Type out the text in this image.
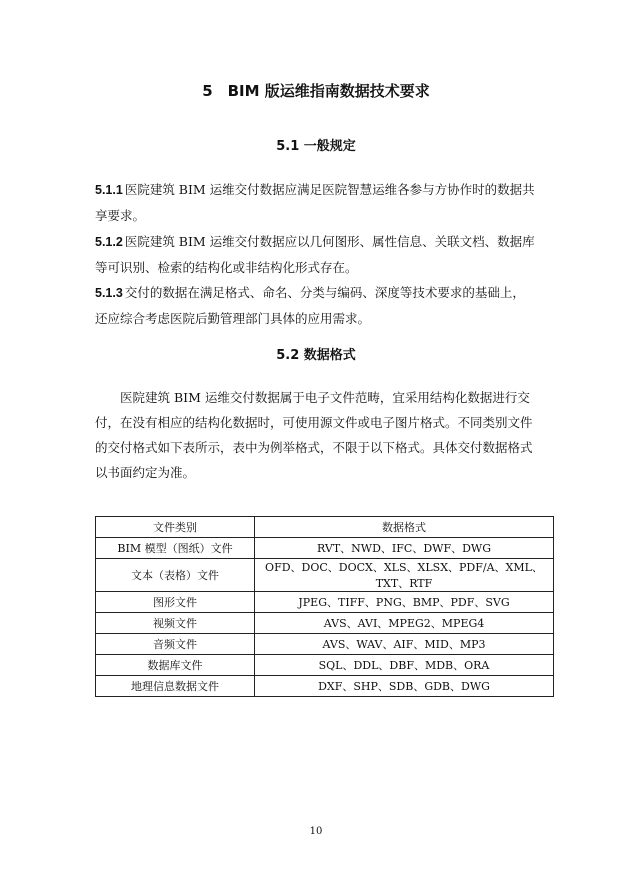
5　BIM 版运维指南数据技术要求
5.1 一般规定
5.1.1 医院建筑 BIM 运维交付数据应满足医院智慧运维各参与方协作时的数据共享要求。
5.1.2 医院建筑 BIM 运维交付数据应以几何图形、属性信息、关联文档、数据库等可识别、检索的结构化或非结构化形式存在。
5.1.3 交付的数据在满足格式、命名、分类与编码、深度等技术要求的基础上，还应综合考虑医院后勤管理部门具体的应用需求。
5.2 数据格式
医院建筑 BIM 运维交付数据属于电子文件范畴，宜采用结构化数据进行交付，在没有相应的结构化数据时，可使用源文件或电子图片格式。不同类别文件的交付格式如下表所示，表中为例举格式，不限于以下格式。具体交付数据格式以书面约定为准。
文件类别	数据格式
BIM 模型（图纸）文件	RVT、NWD、IFC、DWF、DWG
文本（表格）文件	OFD、DOC、DOCX、XLS、XLSX、PDF/A、XML、TXT、RTF
图形文件	JPEG、TIFF、PNG、BMP、PDF、SVG
视频文件	AVS、AVI、MPEG2、MPEG4
音频文件	AVS、WAV、AIF、MID、MP3
数据库文件	SQL、DDL、DBF、MDB、ORA
地理信息数据文件	DXF、SHP、SDB、GDB、DWG
10
